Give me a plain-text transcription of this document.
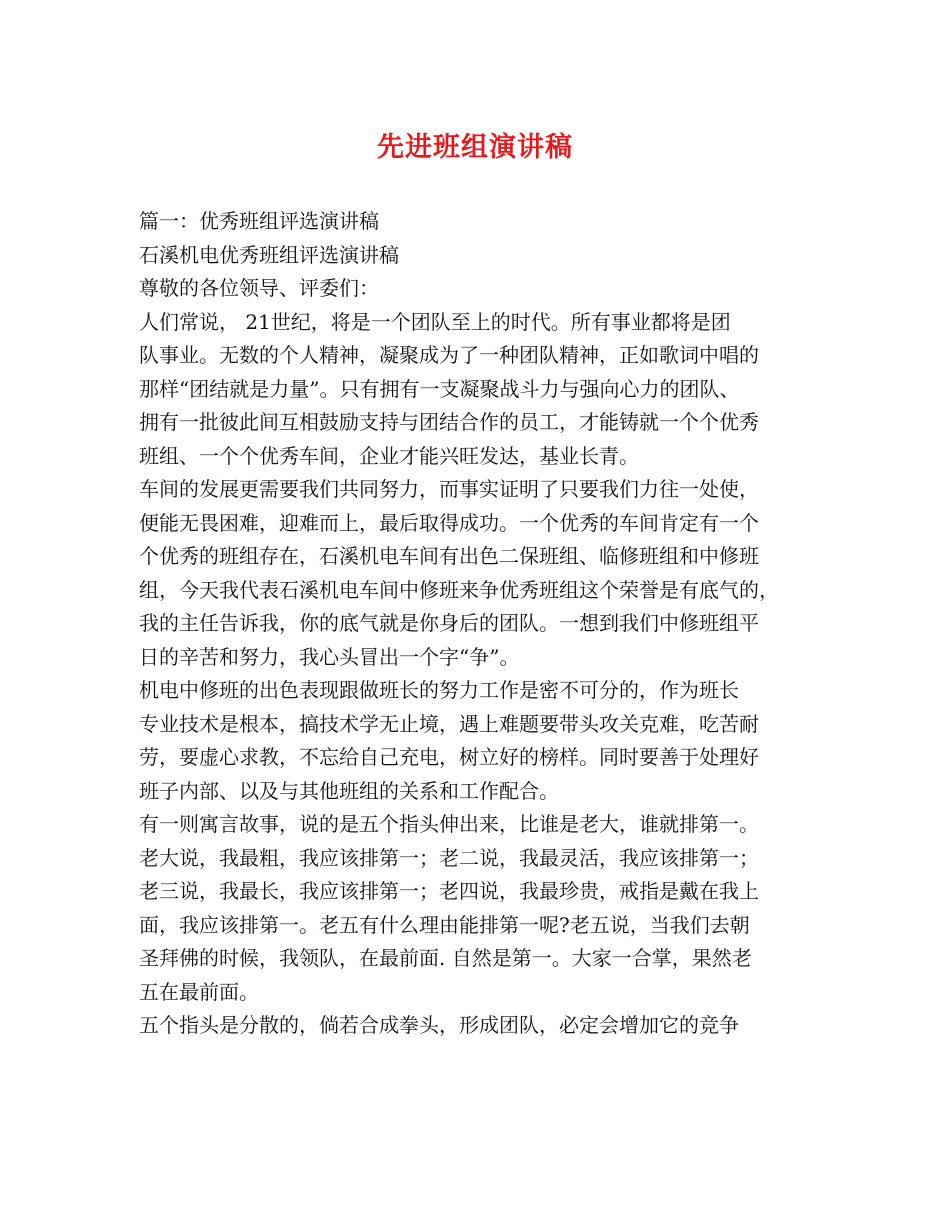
先进班组演讲稿
篇一：优秀班组评选演讲稿
石溪机电优秀班组评选演讲稿
尊敬的各位领导、评委们：
人们常说， 21世纪，将是一个团队至上的时代。所有事业都将是团
队事业。无数的个人精神，凝聚成为了一种团队精神，正如歌词中唱的
那样“团结就是力量”。只有拥有一支凝聚战斗力与强向心力的团队、
拥有一批彼此间互相鼓励支持与团结合作的员工，才能铸就一个个优秀
班组、一个个优秀车间，企业才能兴旺发达，基业长青。
车间的发展更需要我们共同努力，而事实证明了只要我们力往一处使，
便能无畏困难，迎难而上，最后取得成功。一个优秀的车间肯定有一个
个优秀的班组存在，石溪机电车间有出色二保班组、临修班组和中修班
组，今天我代表石溪机电车间中修班来争优秀班组这个荣誉是有底气的，
我的主任告诉我，你的底气就是你身后的团队。一想到我们中修班组平
日的辛苦和努力，我心头冒出一个字“争”。
机电中修班的出色表现跟做班长的努力工作是密不可分的，作为班长
专业技术是根本，搞技术学无止境，遇上难题要带头攻关克难，吃苦耐
劳，要虚心求教，不忘给自己充电，树立好的榜样。同时要善于处理好
班子内部、以及与其他班组的关系和工作配合。
有一则寓言故事，说的是五个指头伸出来，比谁是老大，谁就排第一。
老大说，我最粗，我应该排第一；老二说，我最灵活，我应该排第一；
老三说，我最长，我应该排第一；老四说，我最珍贵，戒指是戴在我上
面，我应该排第一。老五有什么理由能排第一呢?老五说，当我们去朝
圣拜佛的时候，我领队，在最前面. 自然是第一。大家一合掌，果然老
五在最前面。
五个指头是分散的，倘若合成拳头，形成团队，必定会增加它的竞争
